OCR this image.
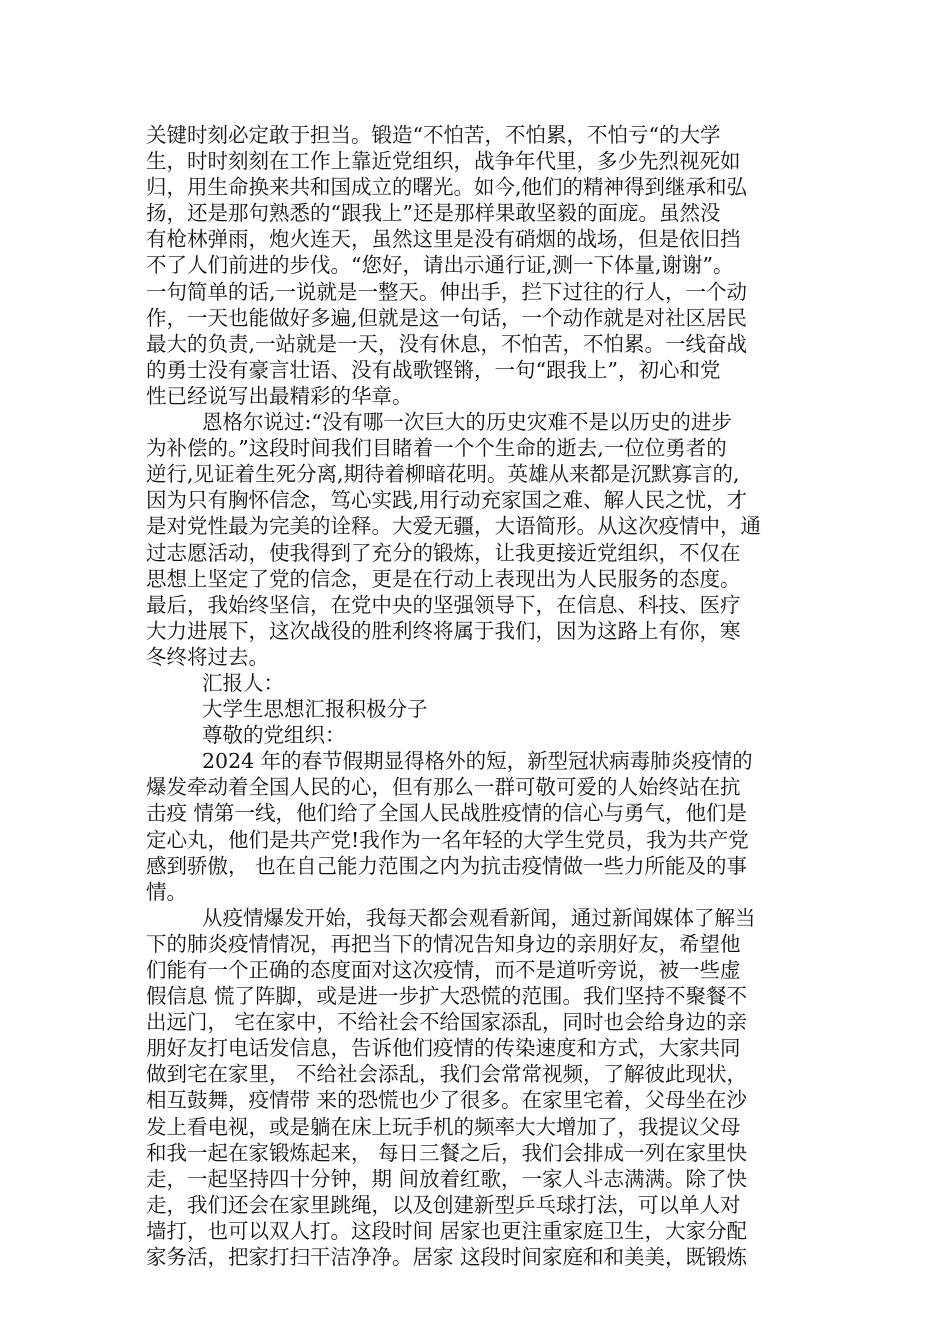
关键时刻必定敢于担当。锻造“不怕苦，不怕累，不怕亏“的大学
生，时时刻刻在工作上靠近党组织，战争年代里，多少先烈视死如
归，用生命换来共和国成立的曙光。如今,他们的精神得到继承和弘
扬，还是那句熟悉的“跟我上”还是那样果敢坚毅的面庞。虽然没
有枪林弹雨，炮火连天，虽然这里是没有硝烟的战场，但是依旧挡
不了人们前进的步伐。“您好，请出示通行证,测一下体量,谢谢”。
一句简单的话,一说就是一整天。伸出手，拦下过往的行人，一个动
作，一天也能做好多遍,但就是这一句话，一个动作就是对社区居民
最大的负责,一站就是一天，没有休息，不怕苦，不怕累。一线奋战
的勇士没有豪言壮语、没有战歌铿锵，一句“跟我上”，初心和党
性已经说写出最精彩的华章。
恩格尔说过:“没有哪一次巨大的历史灾难不是以历史的进步
为补偿的。”这段时间我们目睹着一个个生命的逝去,一位位勇者的
逆行,见证着生死分离,期待着柳暗花明。英雄从来都是沉默寡言的,
因为只有胸怀信念，笃心实践,用行动充家国之难、解人民之忧，才
是对党性最为完美的诠释。大爱无疆，大语简形。从这次疫情中，通
过志愿活动，使我得到了充分的锻炼，让我更接近党组织，不仅在
思想上坚定了党的信念，更是在行动上表现出为人民服务的态度。
最后，我始终坚信，在党中央的坚强领导下，在信息、科技、医疗
大力进展下，这次战役的胜利终将属于我们，因为这路上有你，寒
冬终将过去。
汇报人：
大学生思想汇报积极分子
尊敬的党组织：
2024 年的春节假期显得格外的短，新型冠状病毒肺炎疫情的
爆发牵动着全国人民的心，但有那么一群可敬可爱的人始终站在抗
击疫 情第一线，他们给了全国人民战胜疫情的信心与勇气，他们是
定心丸，他们是共产党!我作为一名年轻的大学生党员，我为共产党
感到骄傲， 也在自己能力范围之内为抗击疫情做一些力所能及的事
情。
从疫情爆发开始，我每天都会观看新闻，通过新闻媒体了解当
下的肺炎疫情情况，再把当下的情况告知身边的亲朋好友，希望他
们能有一个正确的态度面对这次疫情，而不是道听旁说，被一些虚
假信息 慌了阵脚，或是进一步扩大恐慌的范围。我们坚持不聚餐不
出远门， 宅在家中，不给社会不给国家添乱，同时也会给身边的亲
朋好友打电话发信息，告诉他们疫情的传染速度和方式，大家共同
做到宅在家里， 不给社会添乱，我们会常常视频，了解彼此现状，
相互鼓舞，疫情带 来的恐慌也少了很多。在家里宅着，父母坐在沙
发上看电视，或是躺在床上玩手机的频率大大增加了，我提议父母
和我一起在家锻炼起来， 每日三餐之后，我们会排成一列在家里快
走，一起坚持四十分钟，期 间放着红歌，一家人斗志满满。除了快
走，我们还会在家里跳绳，以及创建新型乒乓球打法，可以单人对
墙打，也可以双人打。这段时间 居家也更注重家庭卫生，大家分配
家务活，把家打扫干洁净净。居家 这段时间家庭和和美美，既锻炼
